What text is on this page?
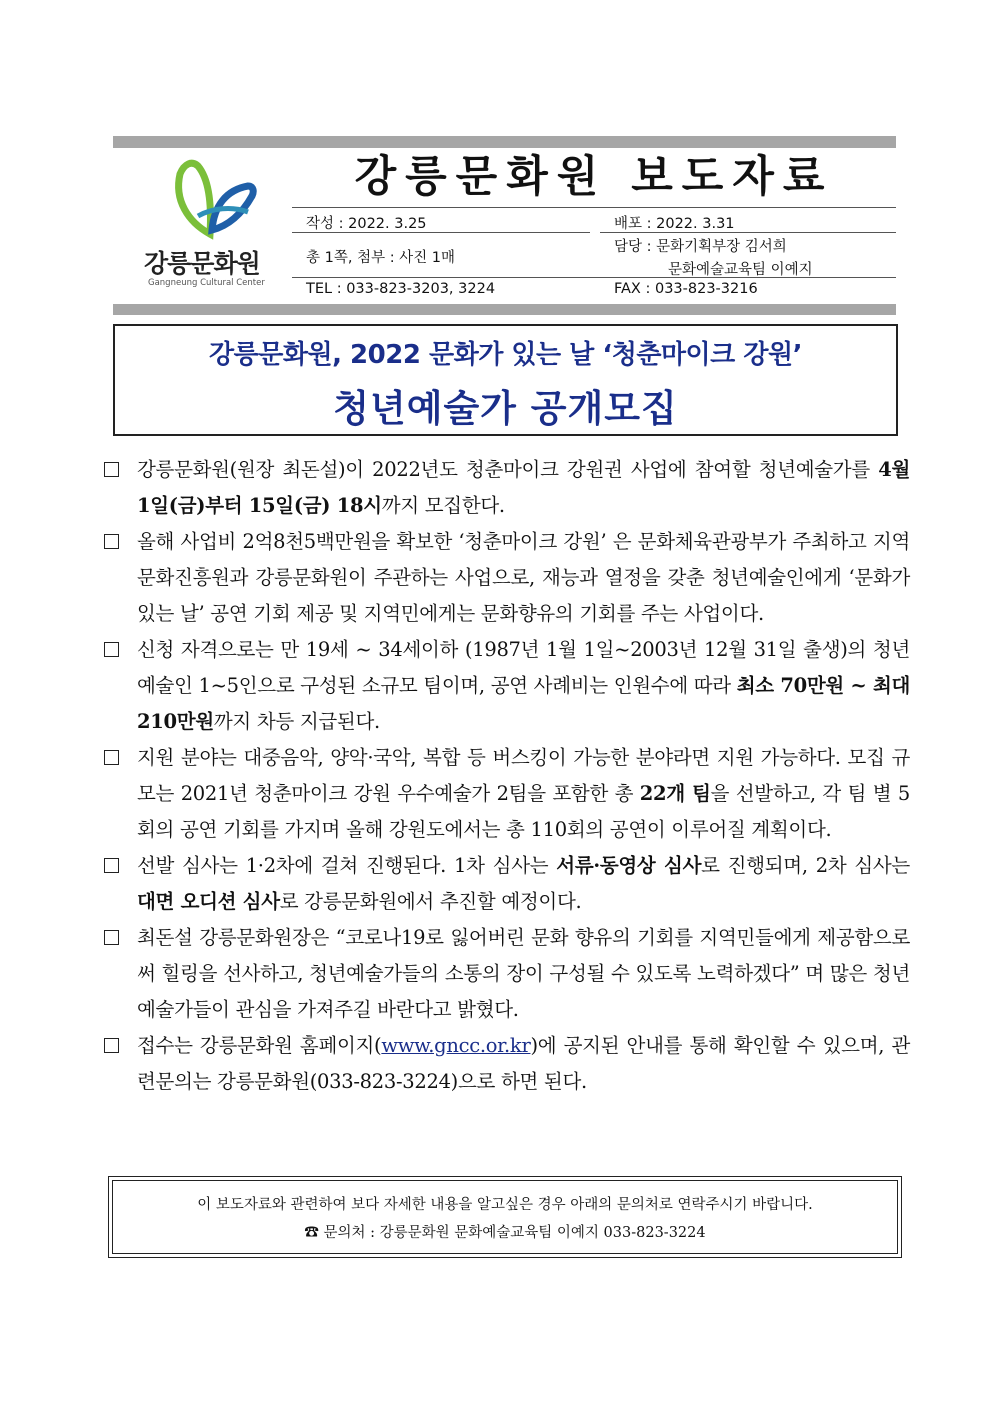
강릉문화원
Gangneung Cultural Center
강릉문화원 보도자료
작성 : 2022. 3.25	배포 : 2022. 3.31
총 1쪽, 첨부 : 사진 1매
담당 : 문화기획부장 김서희
문화예술교육팀 이예지
TEL : 033-823-3203, 3224	FAX : 033-823-3216
강릉문화원, 2022 문화가 있는 날 ‘청춘마이크 강원’
청년예술가 공개모집
강릉문화원(원장 최돈설)이 2022년도 청춘마이크 강원권 사업에 참여할 청년예술가를 4월 1일(금)부터 15일(금) 18시까지 모집한다.
올해 사업비 2억8천5백만원을 확보한 ‘청춘마이크 강원’ 은 문화체육관광부가 주최하고 지역문화진흥원과 강릉문화원이 주관하는 사업으로, 재능과 열정을 갖춘 청년예술인에게 ‘문화가 있는 날’ 공연 기회 제공 및 지역민에게는 문화향유의 기회를 주는 사업이다.
신청 자격으로는 만 19세 ~ 34세이하 (1987년 1월 1일~2003년 12월 31일 출생)의 청년예술인 1~5인으로 구성된 소규모 팀이며, 공연 사례비는 인원수에 따라 최소 70만원 ~ 최대 210만원까지 차등 지급된다.
지원 분야는 대중음악, 양악·국악, 복합 등 버스킹이 가능한 분야라면 지원 가능하다. 모집 규모는 2021년 청춘마이크 강원 우수예술가 2팀을 포함한 총 22개 팀을 선발하고, 각 팀 별 5회의 공연 기회를 가지며 올해 강원도에서는 총 110회의 공연이 이루어질 계획이다.
선발 심사는 1·2차에 걸쳐 진행된다. 1차 심사는 서류·동영상 심사로 진행되며, 2차 심사는 대면 오디션 심사로 강릉문화원에서 추진할 예정이다.
최돈설 강릉문화원장은 “코로나19로 잃어버린 문화 향유의 기회를 지역민들에게 제공함으로써 힐링을 선사하고, 청년예술가들의 소통의 장이 구성될 수 있도록 노력하겠다” 며 많은 청년예술가들이 관심을 가져주길 바란다고 밝혔다.
접수는 강릉문화원 홈페이지(www.gncc.or.kr)에 공지된 안내를 통해 확인할 수 있으며, 관련문의는 강릉문화원(033-823-3224)으로 하면 된다.
이 보도자료와 관련하여 보다 자세한 내용을 알고싶은 경우 아래의 문의처로 연락주시기 바랍니다.
☎ 문의처 : 강릉문화원 문화예술교육팀 이예지 033-823-3224
